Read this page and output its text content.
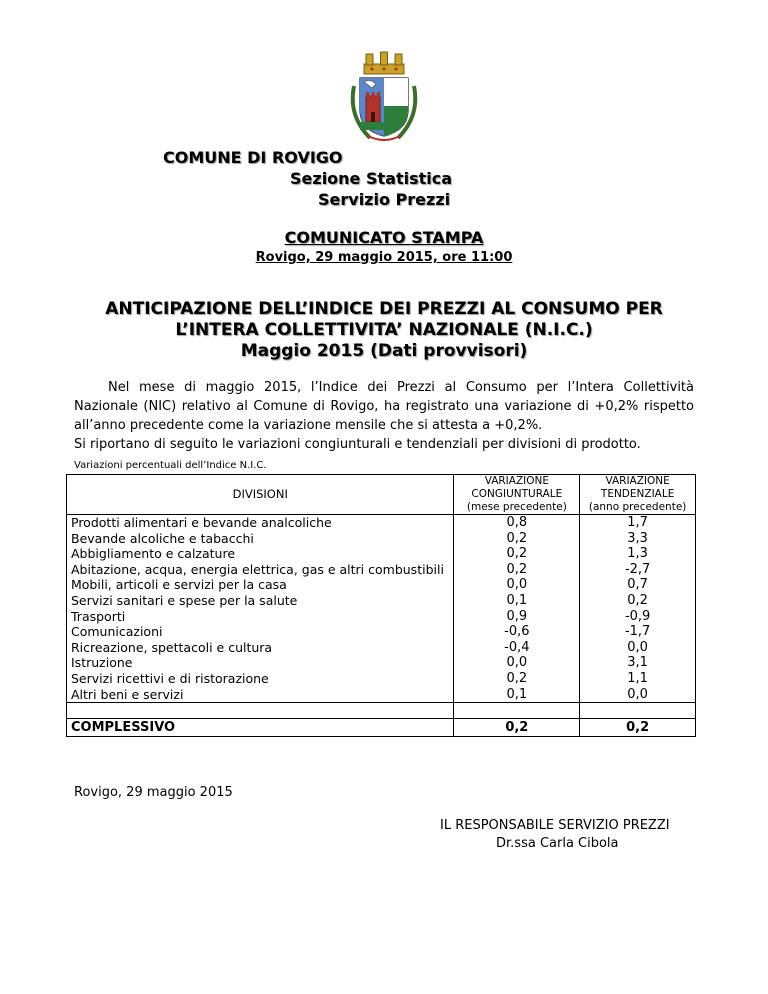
COMUNE DI ROVIGO
Sezione Statistica
Servizio Prezzi
COMUNICATO STAMPA
Rovigo, 29 maggio 2015, ore 11:00
ANTICIPAZIONE DELL’INDICE DEI PREZZI AL CONSUMO PER
L’INTERA COLLETTIVITA’ NAZIONALE (N.I.C.)
Maggio 2015 (Dati provvisori)

Nel mese di maggio 2015, l’Indice dei Prezzi al Consumo per l’Intera Collettività Nazionale (NIC) relativo al Comune di Rovigo, ha registrato una variazione di +0,2% rispetto all’anno precedente come la variazione mensile che si attesta a +0,2%.

Si riportano di seguito le variazioni congiunturali e tendenziali per divisioni di prodotto.

Variazioni percentuali dell’Indice N.I.C.
DIVISIONI	VARIAZIONE
CONGIUNTURALE
(mese precedente)	VARIAZIONE
TENDENZIALE
(anno precedente)
Prodotti alimentari e bevande analcoliche	0,8	1,7
Bevande alcoliche e tabacchi	0,2	3,3
Abbigliamento e calzature	0,2	1,3
Abitazione, acqua, energia elettrica, gas e altri combustibili	0,2	-2,7
Mobili, articoli e servizi per la casa	0,0	0,7
Servizi sanitari e spese per la salute	0,1	0,2
Trasporti	0,9	-0,9
Comunicazioni	-0,6	-1,7
Ricreazione, spettacoli e cultura	-0,4	0,0
Istruzione	0,0	3,1
Servizi ricettivi e di ristorazione	0,2	1,1
Altri beni e servizi	0,1	0,0

COMPLESSIVO	0,2	0,2
Rovigo, 29 maggio 2015
IL RESPONSABILE SERVIZIO PREZZI
Dr.ssa Carla Cibola
